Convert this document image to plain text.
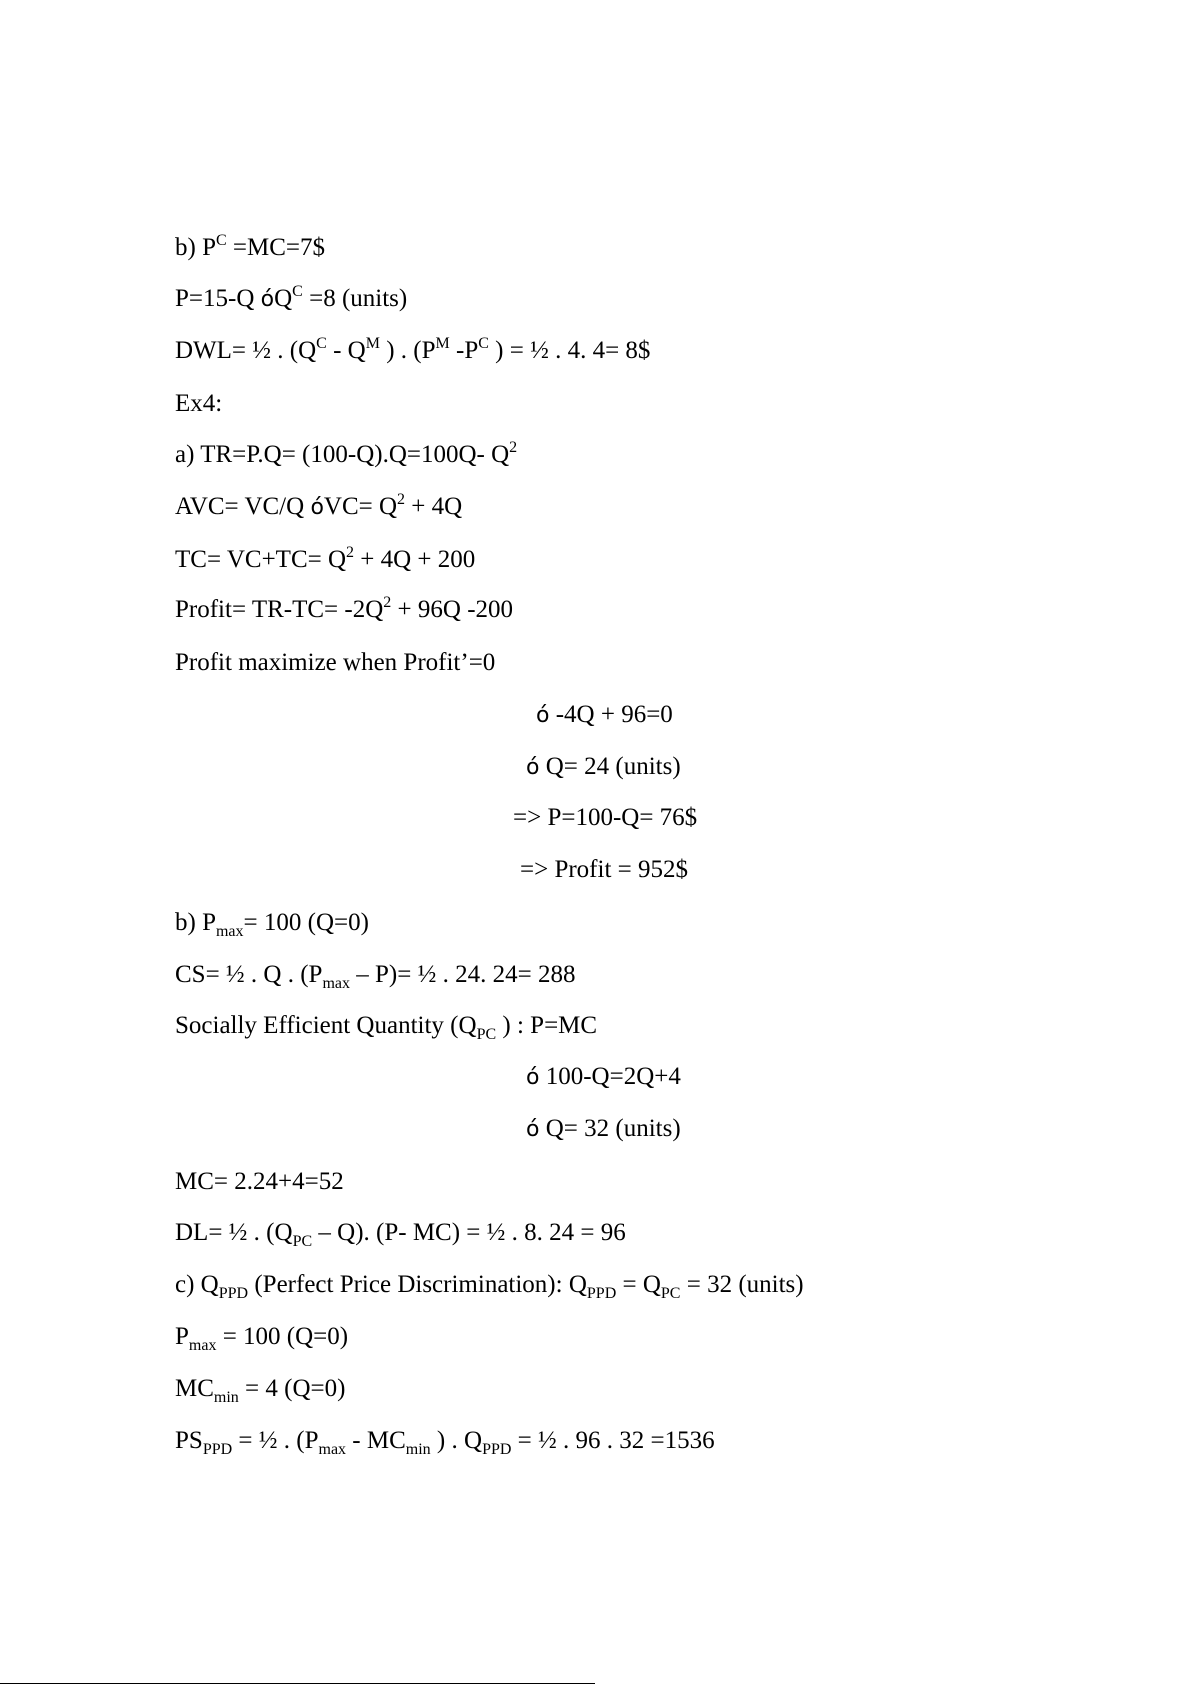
b) $P^C$ =MC=7$
P=15-Q $óQ^C =8$ (units)
DWL= ½ . ($Q^C - Q^M$ ) . ($P^M$ $-P^C$ ) = ½ . 4. 4= 8$
Ex4:
a) TR=P.Q= (100-Q).Q=100Q- $Q^2$
AVC= VC/Q óVC= $Q^2 + 4Q$
$TC= VC+TC= Q^2 + 4Q + 200$
Profit= $TR-TC= -2Q^2 + 96Q$ -200
Profit maximize when Profit’=0
ó -4Q + 96=0
ó Q= 24 (units)
=> P=100-Q= 76$
=> Profit = 952$
b) $P_{max}= 100$ (Q=0)
CS= ½ . Q . $(P_{max} - P)=$ ½ . 24. 24= 288
Socially Efficient Quantity ($Q_{PC}$ ) : P=MC
ó 100-Q=2Q+4
ó Q= 32 (units)
MC= 2.24+4=52
DL= ½ . $(Q_{PC} - Q)$. (P- MC) = ½ . 8. 24 = 96
c) $Q_{PPD}$ (Perfect Price Discrimination): $Q_{PPD} = Q_{PC} = 32$ (units)
$P_{max} = 100$ (Q=0)
$MC_{min} = 4$ (Q=0)
$PS_{PPD}$ = ½ . ($P_{max} - MC_{min}$ ) . $Q_{PPD}$ = ½ . 96 . 32 =1536
